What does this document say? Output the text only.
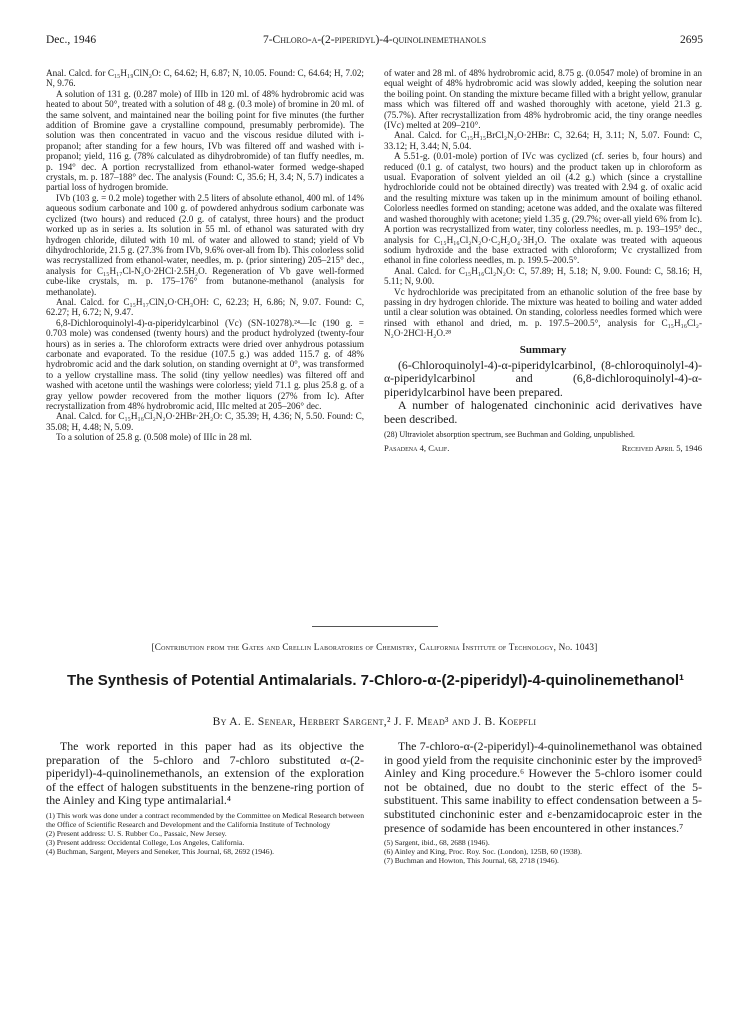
Dec., 1946	7-Chloro-α-(2-piperidyl)-4-quinolinemethanols	2695

Anal. Calcd. for C₁₅H₁₉ClN₂O: C, 64.62; H, 6.87; N, 10.05. Found: C, 64.64; H, 7.02; N, 9.76.

A solution of 131 g. (0.287 mole) of IIIb in 120 ml. of 48% hydrobromic acid was heated to about 50°, treated with a solution of 48 g. (0.3 mole) of bromine in 20 ml. of the same solvent, and maintained near the boiling point for five minutes (the further addition of Bromine gave a crystalline compound, presumably perbromide). The solution was then concentrated in vacuo and the viscous residue diluted with i-propanol; after standing for a few hours, IVb was filtered off and washed with i-propanol; yield, 116 g. (78% calculated as dihydrobromide) of tan fluffy needles, m. p. 194° dec. A portion recrystallized from ethanol-water formed wedge-shaped crystals, m. p. 187–188° dec. The analysis (Found: C, 35.6; H, 3.4; N, 5.7) indicates a partial loss of hydrogen bromide.

IVb (103 g. = 0.2 mole) together with 2.5 liters of absolute ethanol, 400 ml. of 14% aqueous sodium carbonate and 100 g. of powdered anhydrous sodium carbonate was cyclized (two hours) and reduced (2.0 g. of catalyst, three hours) and the product worked up as in series a. Its solution in 55 ml. of ethanol was saturated with dry hydrogen chloride, diluted with 10 ml. of water and allowed to stand; yield of Vb dihydrochloride, 21.5 g. (27.3% from IVb, 9.6% over-all from Ib). This colorless solid was recrystallized from ethanol-water, needles, m. p. (prior sintering) 205–215° dec., analysis for C₁₅H₁₇Cl-N₂O·2HCl·2.5H₂O. Regeneration of Vb gave well-formed cube-like crystals, m. p. 175–176° from butanone-methanol (analysis for methanolate).

Anal. Calcd. for C₁₅H₁₇ClN₂O·CH₃OH: C, 62.23; H, 6.86; N, 9.07. Found: C, 62.27; H, 6.72; N, 9.47.

6,8-Dichloroquinolyl-4)-α-piperidylcarbinol (Vc) (SN-10278).²⁴—Ic (190 g. = 0.703 mole) was condensed (twenty hours) and the product hydrolyzed (twenty-four hours) as in series a. The chloroform extracts were dried over anhydrous potassium carbonate and evaporated. To the residue (107.5 g.) was added 115.7 g. of 48% hydrobromic acid and the dark solution, on standing overnight at 0°, was transformed to a yellow crystalline mass. The solid (tiny yellow needles) was filtered off and washed with acetone until the washings were colorless; yield 71.1 g. plus 25.8 g. of a gray yellow powder recovered from the mother liquors (27% from Ic). After recrystallization from 48% hydrobromic acid, IIIc melted at 205–206° dec.

Anal. Calcd. for C₁₅H₁₆Cl₂N₂O·2HBr·2H₂O: C, 35.39; H, 4.36; N, 5.50. Found: C, 35.08; H, 4.48; N, 5.09.

To a solution of 25.8 g. (0.508 mole) of IIIc in 28 ml.

of water and 28 ml. of 48% hydrobromic acid, 8.75 g. (0.0547 mole) of bromine in an equal weight of 48% hydrobromic acid was slowly added, keeping the solution near the boiling point. On standing the mixture became filled with a bright yellow, granular mass which was filtered off and washed thoroughly with acetone, yield 21.3 g. (75.7%). After recrystallization from 48% hydrobromic acid, the tiny orange needles (IVc) melted at 209–210°.

Anal. Calcd. for C₁₅H₁₅BrCl₂N₂O·2HBr: C, 32.64; H, 3.11; N, 5.07. Found: C, 33.12; H, 3.44; N, 5.04.

A 5.51-g. (0.01-mole) portion of IVc was cyclized (cf. series b, four hours) and reduced (0.1 g. of catalyst, two hours) and the product taken up in chloroform as usual. Evaporation of solvent yielded an oil (4.2 g.) which (since a crystalline hydrochloride could not be obtained directly) was treated with 2.94 g. of oxalic acid and the resulting mixture was taken up in the minimum amount of boiling ethanol. Colorless needles formed on standing; acetone was added, and the oxalate was filtered and washed thoroughly with acetone; yield 1.35 g. (29.7%; over-all yield 6% from Ic). A portion was recrystallized from water, tiny colorless needles, m. p. 193–195° dec., analysis for C₁₅H₁₆Cl₂N₂O·C₂H₂O₄·3H₂O. The oxalate was treated with aqueous sodium hydroxide and the base extracted with chloroform; Vc crystallized from ethanol in fine colorless needles, m. p. 199.5–200.5°.

Anal. Calcd. for C₁₅H₁₆Cl₂N₂O: C, 57.89; H, 5.18; N, 9.00. Found: C, 58.16; H, 5.11; N, 9.00.

Vc hydrochloride was precipitated from an ethanolic solution of the free base by passing in dry hydrogen chloride. The mixture was heated to boiling and water added until a clear solution was obtained. On standing, colorless needles formed which were rinsed with ethanol and dried, m. p. 197.5–200.5°, analysis for C₁₅H₁₆Cl₂-N₂O·2HCl·H₂O.²⁸

Summary

(6-Chloroquinolyl-4)-α-piperidylcarbinol, (8-chloroquinolyl-4)-α-piperidylcarbinol and (6,8-dichloroquinolyl-4)-α-piperidylcarbinol have been prepared.

A number of halogenated cinchoninic acid derivatives have been described.

(28) Ultraviolet absorption spectrum, see Buchman and Golding, unpublished.
Pasadena 4, Calif.	Received April 5, 1946
[Contribution from the Gates and Crellin Laboratories of Chemistry, California Institute of Technology, No. 1043]
The Synthesis of Potential Antimalarials. 7-Chloro-α-(2-piperidyl)-4-quinolinemethanol¹
By A. E. Senear, Herbert Sargent,² J. F. Mead³ and J. B. Koepfli

The work reported in this paper had as its objective the preparation of the 5-chloro and 7-chloro substituted α-(2-piperidyl)-4-quinolinemethanols, an extension of the exploration of the effect of halogen substituents in the benzene-ring portion of the Ainley and King type antimalarial.⁴

(1) This work was done under a contract recommended by the Committee on Medical Research between the Office of Scientific Research and Development and the California Institute of Technology
(2) Present address: U. S. Rubber Co., Passaic, New Jersey.
(3) Present address: Occidental College, Los Angeles, California.
(4) Buchman, Sargent, Meyers and Seneker, This Journal, 68, 2692 (1946).

The 7-chloro-α-(2-piperidyl)-4-quinolinemethanol was obtained in good yield from the requisite cinchoninic ester by the improved⁵ Ainley and King procedure.⁶ However the 5-chloro isomer could not be obtained, due no doubt to the steric effect of the 5-substituent. This same inability to effect condensation between a 5-substituted cinchoninic ester and ε-benzamidocaproic ester in the presence of sodamide has been encountered in other instances.⁷

(5) Sargent, ibid., 68, 2688 (1946).
(6) Ainley and King, Proc. Roy. Soc. (London), 125B, 60 (1938).
(7) Buchman and Howton, This Journal, 68, 2718 (1946).
